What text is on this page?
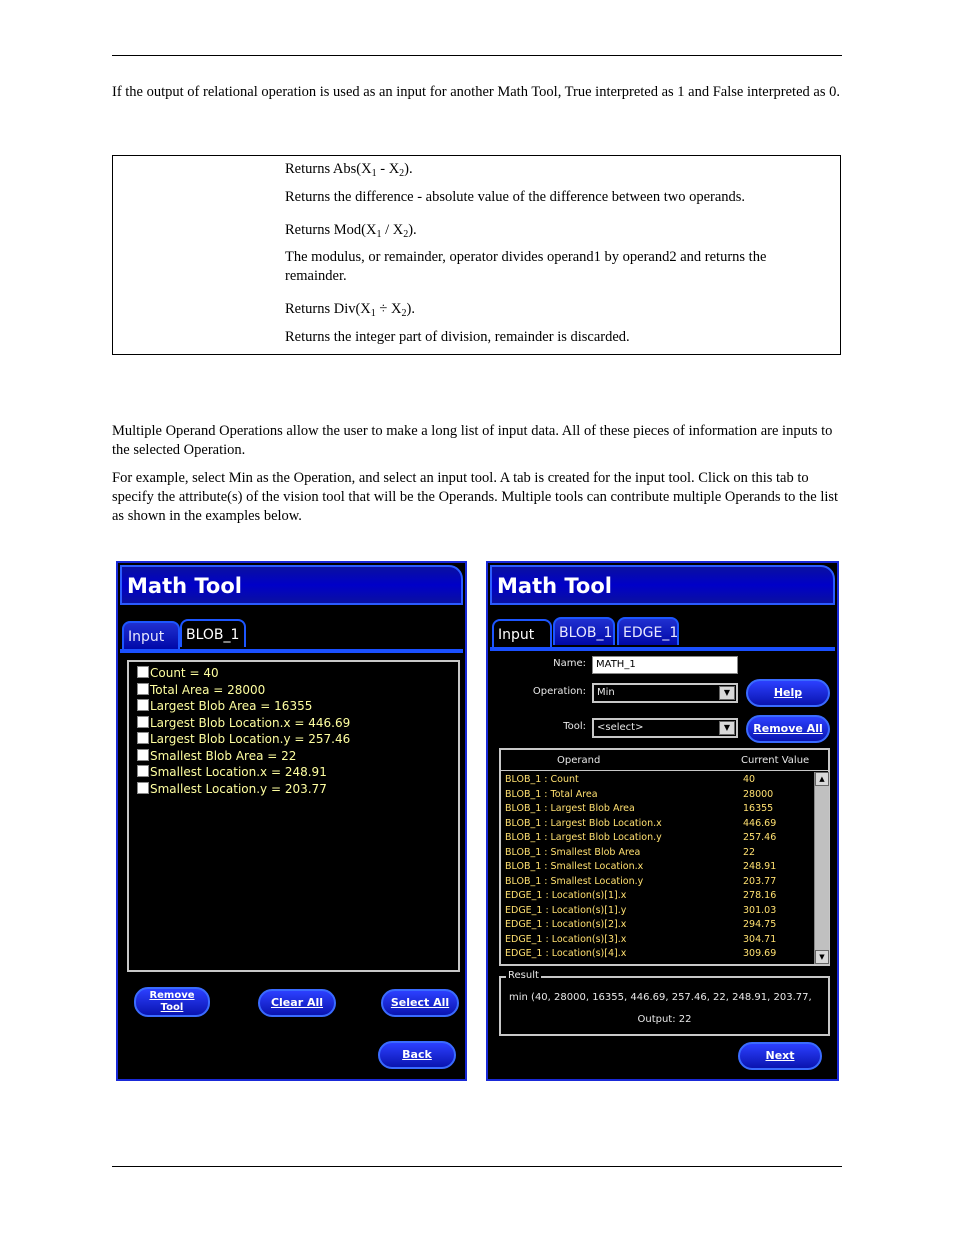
If the output of relational operation is used as an input for another Math Tool, True interpreted as 1 and False interpreted as 0.
Returns $Abs(X_1 - X_2)$.
Returns the difference - absolute value of the difference between two operands.
Returns $Mod(X_1 / X_2)$.
The modulus, or remainder, operator divides operand1 by operand2 and returns the remainder.
Returns $Div(X_1 \div X_2)$.
Returns the integer part of division, remainder is discarded.
Multiple Operand Operations allow the user to make a long list of input data. All of these pieces of information are inputs to the selected Operation.
For example, select Min as the Operation, and select an input tool. A tab is created for the input tool. Click on this tab to specify the attribute(s) of the vision tool that will be the Operands. Multiple tools can contribute multiple Operands to the list as shown in the examples below.
Math Tool
Input	BLOB_1
Count = 40
Total Area = 28000
Largest Blob Area = 16355
Largest Blob Location.x = 446.69
Largest Blob Location.y = 257.46
Smallest Blob Area = 22
Smallest Location.x = 248.91
Smallest Location.y = 203.77
Remove
Tool	Clear All	Select All
Back
Math Tool
Input	BLOB_1 EDGE_1
Name:	MATH_1
Operation:	Min	▼	Help
Tool:	<select>	▼	Remove All
Operand	Current Value
BLOB_1 : Count	40
BLOB_1 : Total Area	28000
BLOB_1 : Largest Blob Area	16355
BLOB_1 : Largest Blob Location.x	446.69
BLOB_1 : Largest Blob Location.y	257.46
BLOB_1 : Smallest Blob Area	22
BLOB_1 : Smallest Location.x	248.91
BLOB_1 : Smallest Location.y	203.77
EDGE_1 : Location(s)[1].x	278.16
EDGE_1 : Location(s)[1].y	301.03
EDGE_1 : Location(s)[2].x	294.75
EDGE_1 : Location(s)[3].x	304.71
EDGE_1 : Location(s)[4].x	309.69
▲
▼
Result
min (40, 28000, 16355, 446.69, 257.46, 22, 248.91, 203.77,
Output: 22
Next
